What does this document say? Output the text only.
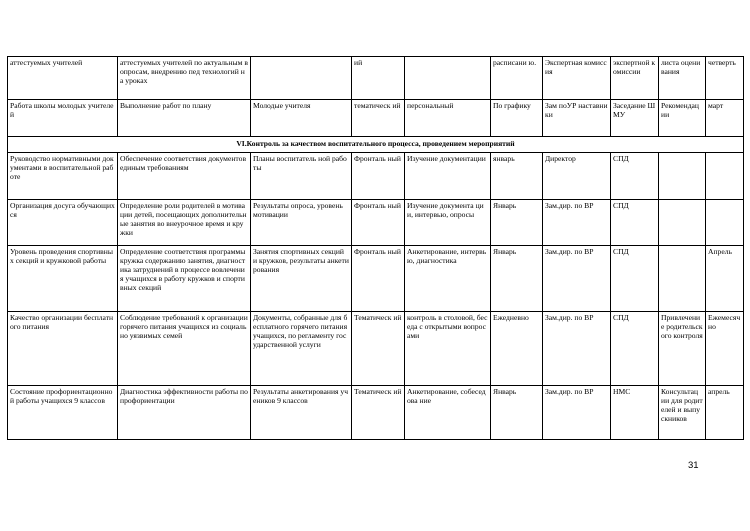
аттестуемых учителей	аттестуемых учителей по актуальным вопросам, внедрению пед технологий на уроках		ий		расписани ю.	Экспертная комиссия	экспертной комиссии	листа оценивания	четверть

Работа школы молодых учителей	Выполнение работ по плану	Молодые учителя	тематическ ий	персональный	По графику	Зам поУР наставники	Заседание ШМУ	Рекомендац ии	март

VI.Контроль за качеством воспитательного процесса, проведением мероприятий									

Руководство нормативными документами в воспитательной работе	Обеспечение соответствия документов единым требованиям	Планы воспитатель ной работы	Фронталь ный	Изучение документации	январь	Директор	СПД		

Организация досуга обучающихся	Определение роли родителей в мотивации детей, посещающих дополнительные занятия во внеурочное время и кружки	Результаты опроса, уровень мотивации	Фронталь ный	Изучение документа ции, интервью, опросы	Январь	Зам.дир. по ВР	СПД		

Уровень проведения спортивных секций и кружковой работы	Определение соответствия программы кружка содержанию занятия, диагностика затруднений в процессе вовлечения учащихся в работу кружков и спортивных секций	Занятия спортивных секций и кружков, результаты анкетирования	Фронталь ный	Анкетирование, интервью, диагностика	Январь	Зам.дир. по ВР	СПД		Апрель

Качество организации бесплатного питания	Соблюдение требований к организации горячего питания учащихся из социально уязвимых семей	Документы, собранные для бесплатного горячего питания учащихся, по регламенту государственной услуги	Тематическ ий	контроль в столовой, беседа с открытыми вопросами	Ежедневно	Зам.дир. по ВР	СПД	Привлечени е родительск ого контроля	Ежемесячно

Состояние профориентационной работы учащихся 9 классов	Диагностика эффективности работы по профориентации	Результаты анкетирования учеников 9 классов	Тематическ ий	Анкетирование, собеседова ние	Январь	Зам.дир. по ВР	НМС	Консультац ии для родителей и выпускников	апрель
31
